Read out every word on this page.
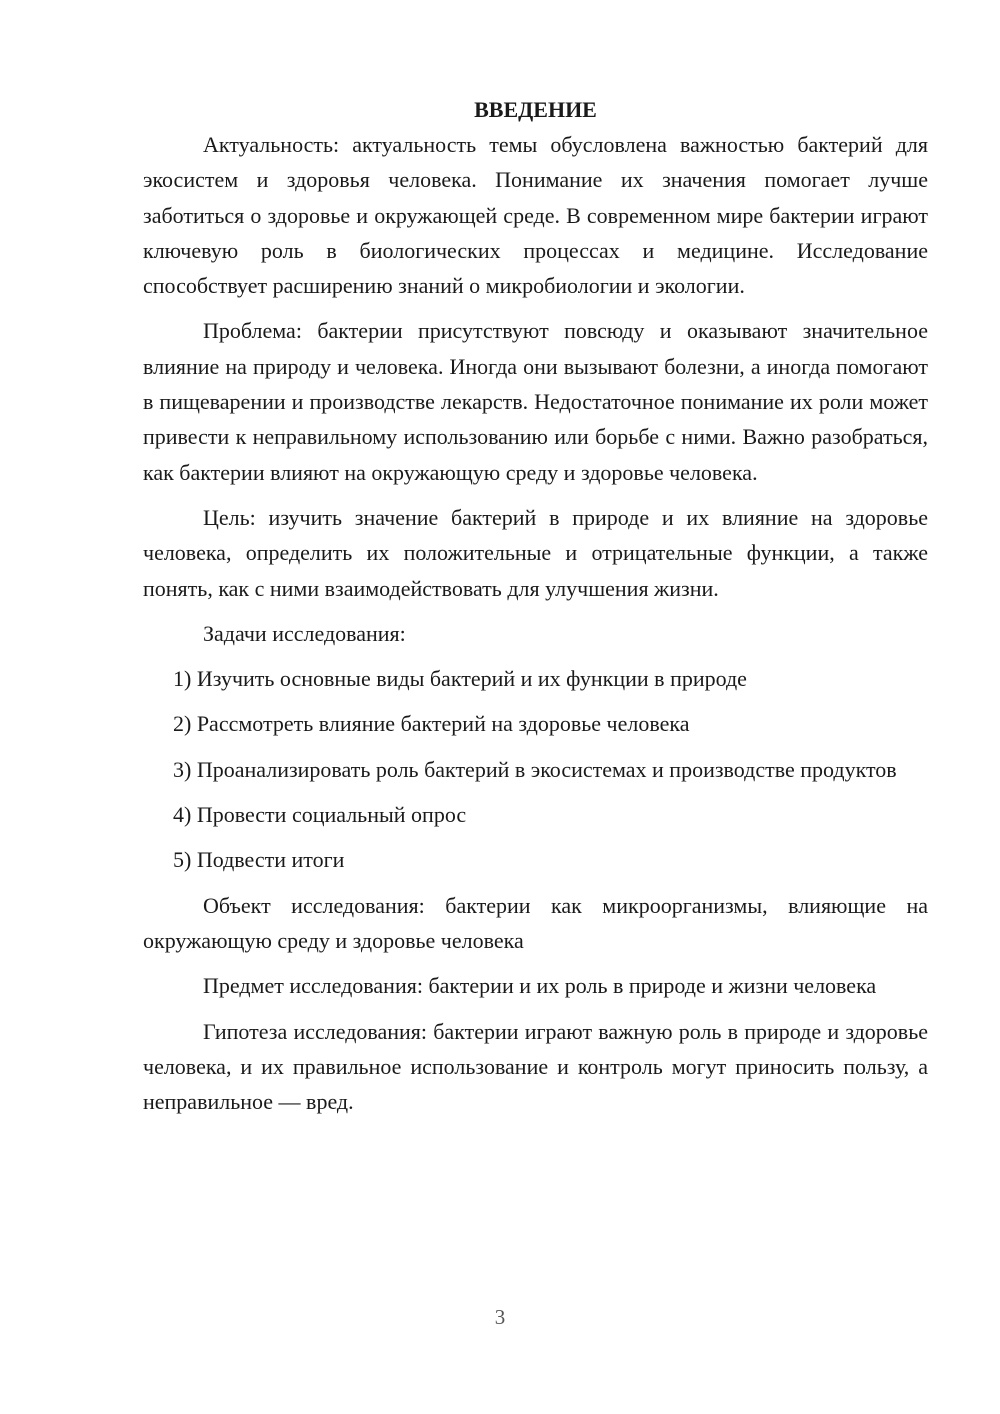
ВВЕДЕНИЕ

Актуальность: актуальность темы обусловлена важностью бактерий для экосистем и здоровья человека. Понимание их значения помогает лучше заботиться о здоровье и окружающей среде. В современном мире бактерии играют ключевую роль в биологических процессах и медицине. Исследование способствует расширению знаний о микробиологии и экологии.

Проблема: бактерии присутствуют повсюду и оказывают значительное влияние на природу и человека. Иногда они вызывают болезни, а иногда помогают в пищеварении и производстве лекарств. Недостаточное понимание их роли может привести к неправильному использованию или борьбе с ними. Важно разобраться, как бактерии влияют на окружающую среду и здоровье человека.

Цель: изучить значение бактерий в природе и их влияние на здоровье человека, определить их положительные и отрицательные функции, а также понять, как с ними взаимодействовать для улучшения жизни.

Задачи исследования:

1) Изучить основные виды бактерий и их функции в природе

2) Рассмотреть влияние бактерий на здоровье человека

3) Проанализировать роль бактерий в экосистемах и производстве продуктов

4) Провести социальный опрос

5) Подвести итоги

Объект исследования: бактерии как микроорганизмы, влияющие на окружающую среду и здоровье человека

Предмет исследования: бактерии и их роль в природе и жизни человека

Гипотеза исследования: бактерии играют важную роль в природе и здоровье человека, и их правильное использование и контроль могут приносить пользу, а неправильное — вред.

3
